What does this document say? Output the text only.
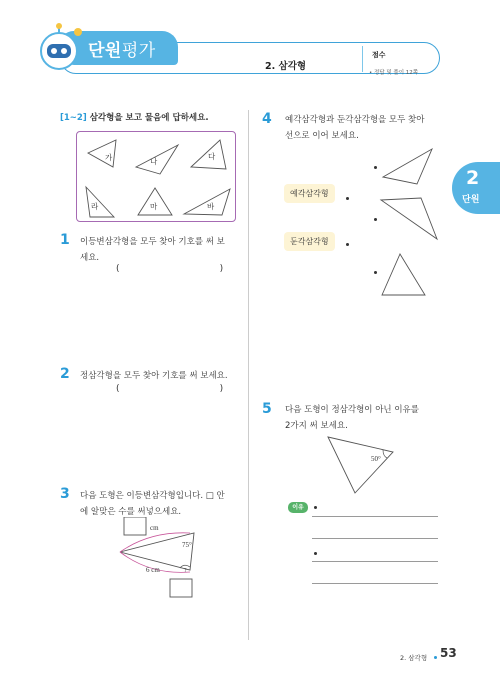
단원평가
2. 삼각형
점수
• 정답 및 풀이 12쪽
2
단원
[1~2] 삼각형을 보고 물음에 답하세요.
가	나
다
라	마	바
1 이등변삼각형을 모두 찾아 기호를 써 보
세요.
(                                   )
2 정삼각형을 모두 찾아 기호를 써 보세요.
(                                   )
3 다음 도형은 이등변삼각형입니다. □ 안
에 알맞은 수를 써넣으세요.
cm
75°
6 cm	?
4 예각삼각형과 둔각삼각형을 모두 찾아
선으로 이어 보세요.
예각삼각형
둔각삼각형
5 다음 도형이 정삼각형이 아닌 이유를
2가지 써 보세요.
50°
이유
2. 삼각형 53
